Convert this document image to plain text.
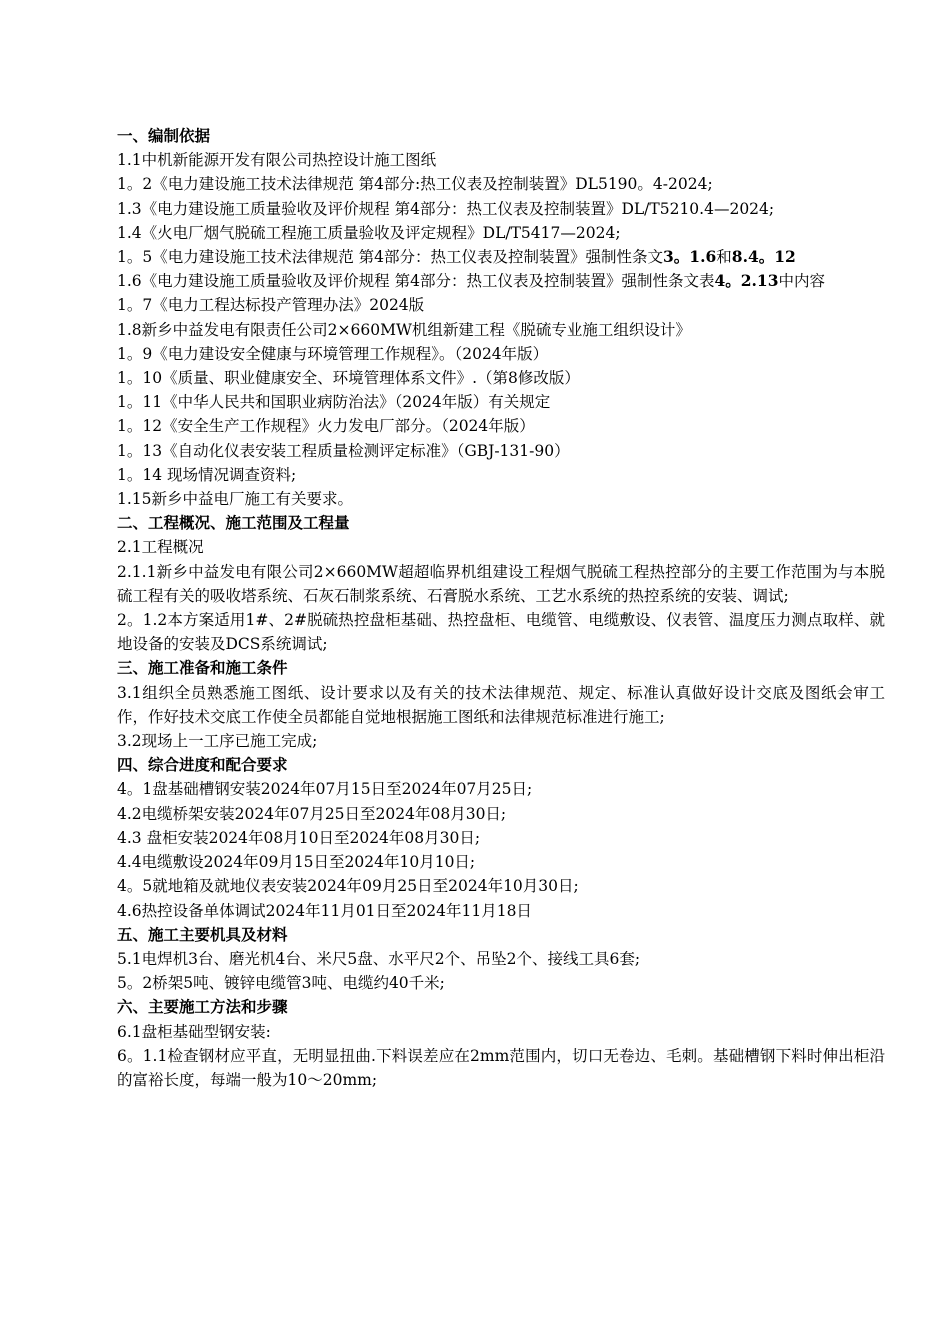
一、编制依据

1.1中机新能源开发有限公司热控设计施工图纸

1。2《电力建设施工技术法律规范 第4部分:热工仪表及控制装置》DL5190。4-2024;

1.3《电力建设施工质量验收及评价规程 第4部分：热工仪表及控制装置》DL/T5210.4—2024;

1.4《火电厂烟气脱硫工程施工质量验收及评定规程》DL/T5417—2024;

1。5《电力建设施工技术法律规范 第4部分：热工仪表及控制装置》强制性条文3。1.6和8.4。12

1.6《电力建设施工质量验收及评价规程 第4部分：热工仪表及控制装置》强制性条文表4。2.13中内容

1。7《电力工程达标投产管理办法》2024版

1.8新乡中益发电有限责任公司2×660MW机组新建工程《脱硫专业施工组织设计》

1。9《电力建设安全健康与环境管理工作规程》。（2024年版）

1。10《质量、职业健康安全、环境管理体系文件》.（第8修改版）

1。11《中华人民共和国职业病防治法》（2024年版）有关规定

1。12《安全生产工作规程》火力发电厂部分。（2024年版）

1。13《自动化仪表安装工程质量检测评定标准》（GBJ-131-90）

1。14 现场情况调查资料;

1.15新乡中益电厂施工有关要求。

二、工程概况、施工范围及工程量

2.1工程概况

2.1.1新乡中益发电有限公司2×660MW超超临界机组建设工程烟气脱硫工程热控部分的主要工作范围为与本脱硫工程有关的吸收塔系统、石灰石制浆系统、石膏脱水系统、工艺水系统的热控系统的安装、调试;

2。1.2本方案适用1#、2#脱硫热控盘柜基础、热控盘柜、电缆管、电缆敷设、仪表管、温度压力测点取样、就地设备的安装及DCS系统调试;

三、施工准备和施工条件

3.1组织全员熟悉施工图纸、设计要求以及有关的技术法律规范、规定、标准认真做好设计交底及图纸会审工作，作好技术交底工作使全员都能自觉地根据施工图纸和法律规范标准进行施工;

3.2现场上一工序已施工完成;

四、综合进度和配合要求

4。1盘基础槽钢安装2024年07月15日至2024年07月25日;

4.2电缆桥架安装2024年07月25日至2024年08月30日;

4.3 盘柜安装2024年08月10日至2024年08月30日;

4.4电缆敷设2024年09月15日至2024年10月10日;

4。5就地箱及就地仪表安装2024年09月25日至2024年10月30日;

4.6热控设备单体调试2024年11月01日至2024年11月18日

五、施工主要机具及材料

5.1电焊机3台、磨光机4台、米尺5盘、水平尺2个、吊坠2个、接线工具6套;

5。2桥架5吨、镀锌电缆管3吨、电缆约40千米;

六、主要施工方法和步骤

6.1盘柜基础型钢安装:

6。1.1检查钢材应平直，无明显扭曲.下料误差应在2mm范围内，切口无卷边、毛刺。基础槽钢下料时伸出柜沿的富裕长度，每端一般为10～20mm;
